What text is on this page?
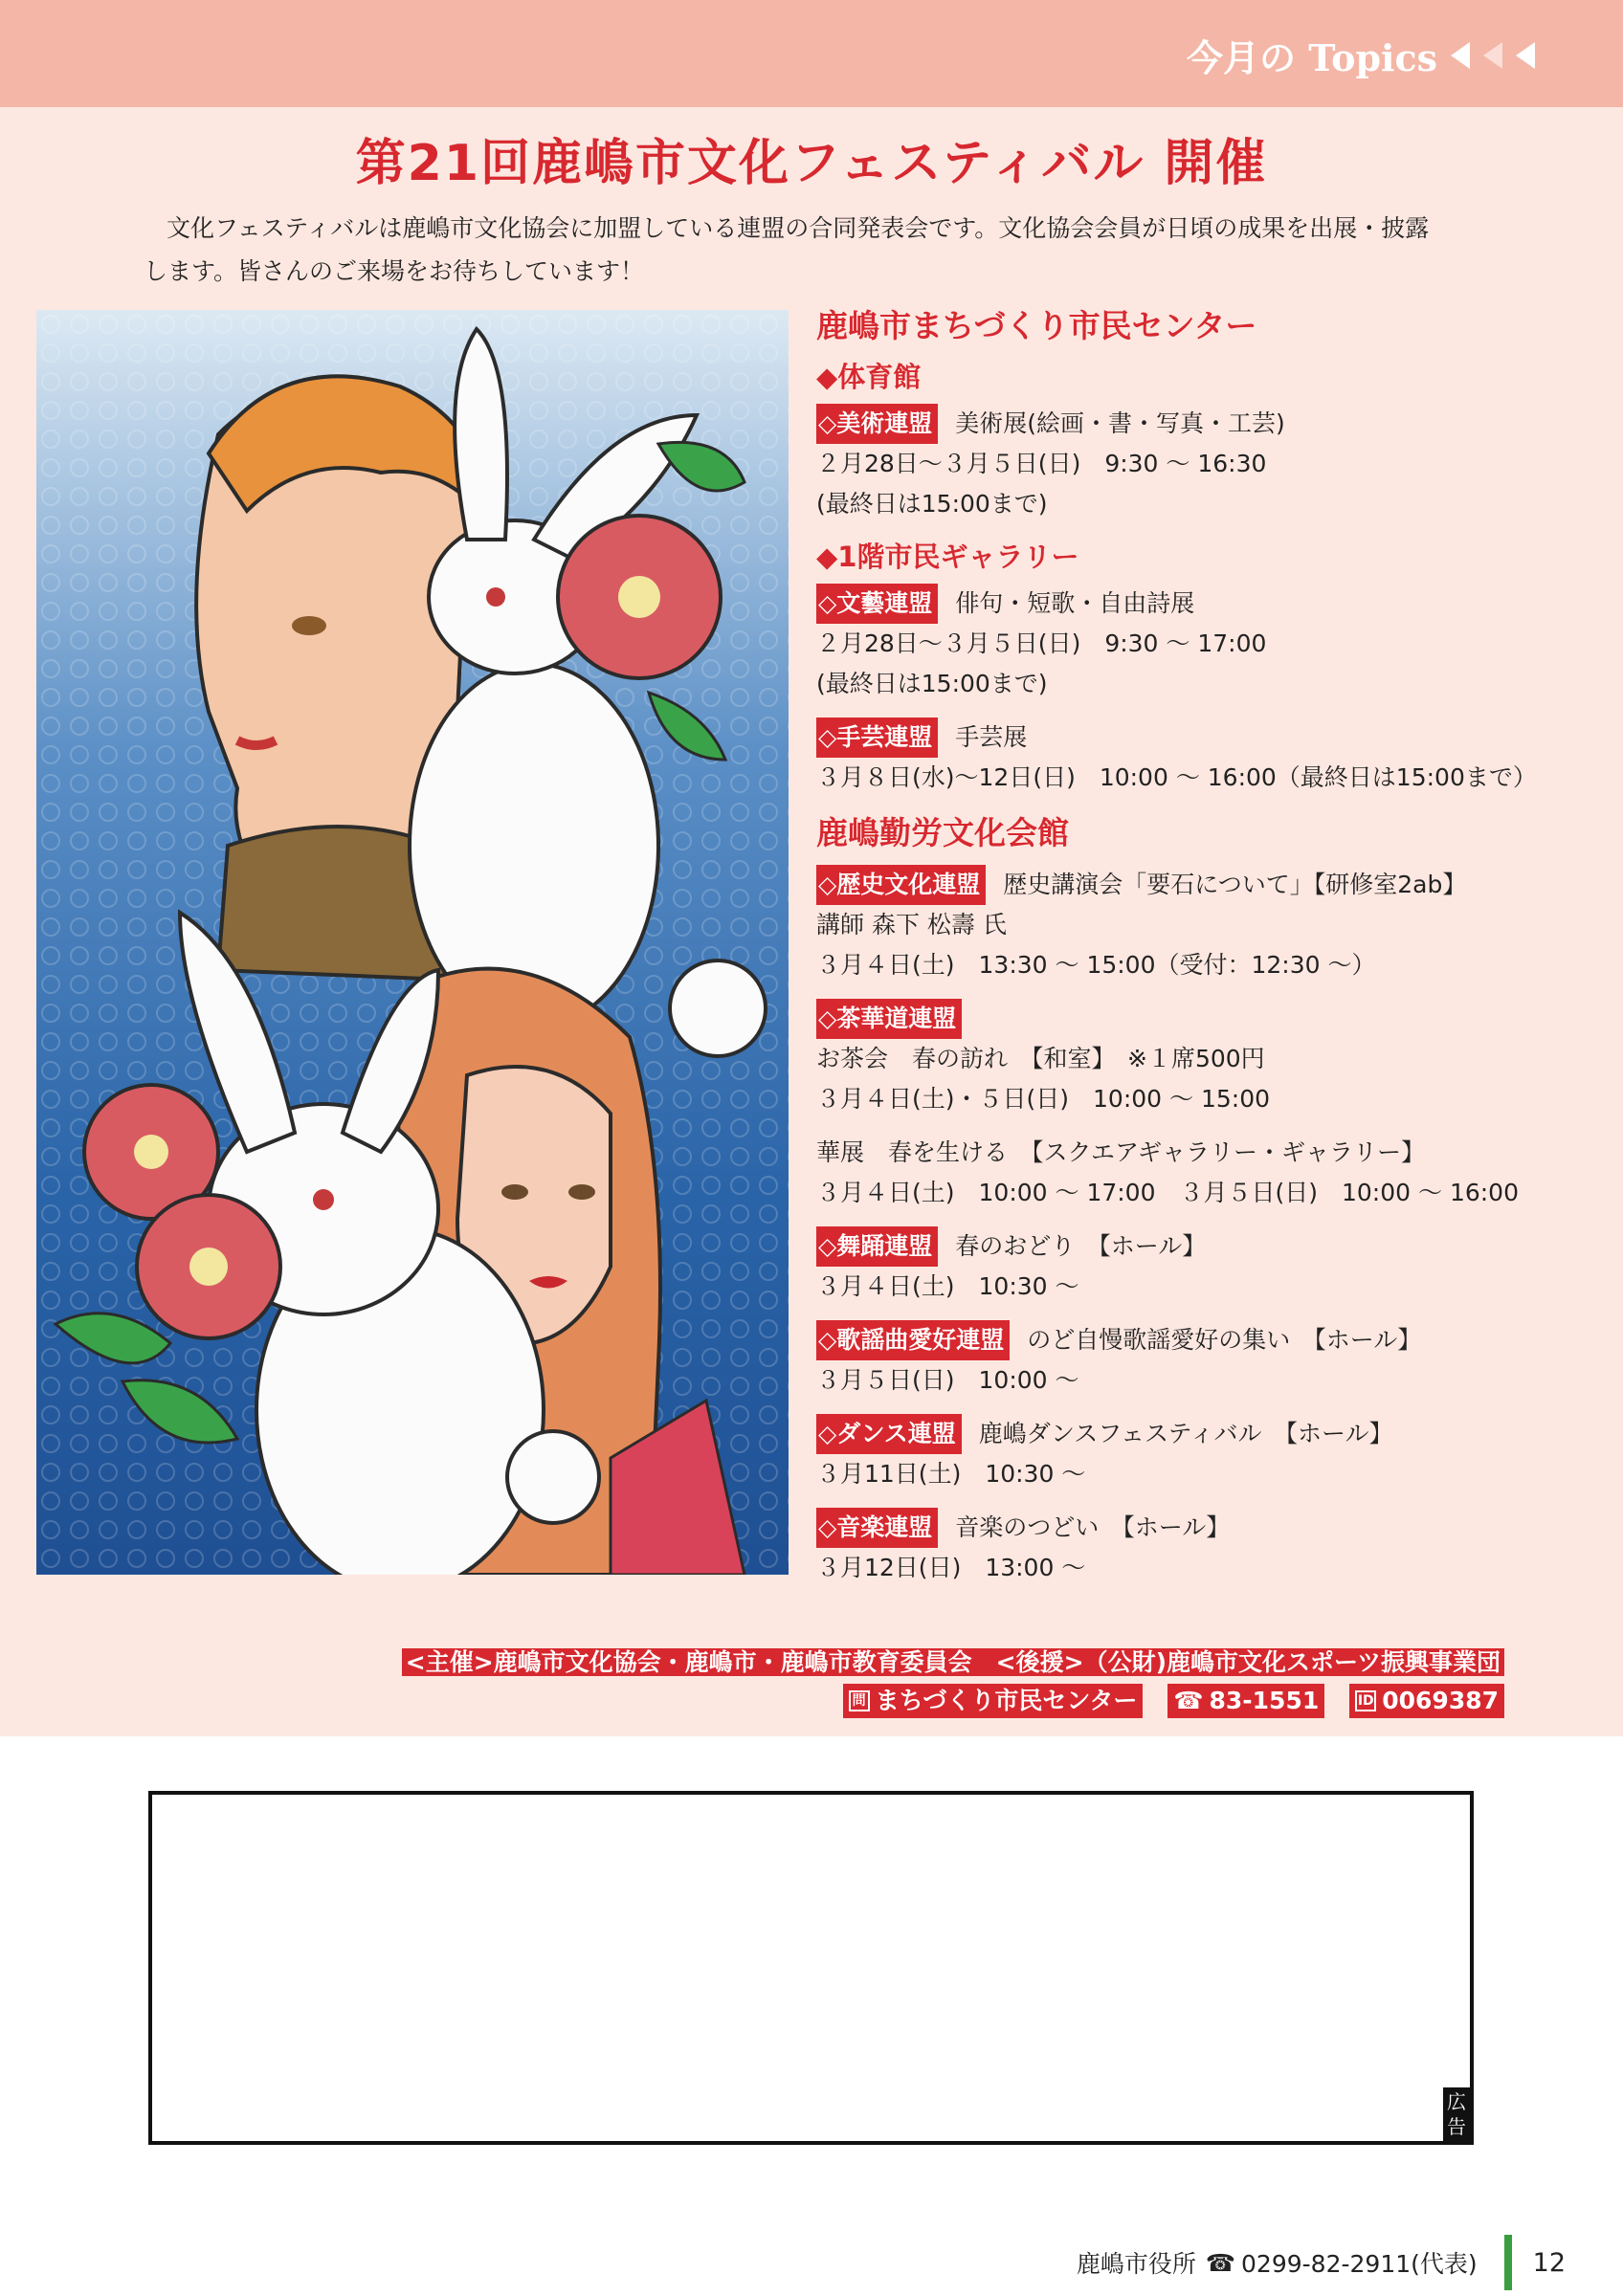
今月の Topics
第21回鹿嶋市文化フェスティバル 開催
文化フェスティバルは鹿嶋市文化協会に加盟している連盟の合同発表会です。文化協会会員が日頃の成果を出展・披露
します。皆さんのご来場をお待ちしています！
鹿嶋市まちづくり市民センター
◆体育館
◇美術連盟 美術展(絵画・書・写真・工芸)
２月28日～３月５日(日)　9:30 ～ 16:30
(最終日は15:00まで)
◆1階市民ギャラリー
◇文藝連盟 俳句・短歌・自由詩展
２月28日～３月５日(日)　9:30 ～ 17:00
(最終日は15:00まで)
◇手芸連盟 手芸展
３月８日(水)～12日(日)　10:00 ～ 16:00（最終日は15:00まで）
鹿嶋勤労文化会館
◇歴史文化連盟 歴史講演会「要石について」【研修室2ab】
講師 森下 松壽 氏
３月４日(土)　13:30 ～ 15:00（受付：12:30 ～）
◇茶華道連盟
お茶会　春の訪れ　【和室】　※１席500円
３月４日(土)・５日(日)　10:00 ～ 15:00
華展　春を生ける　【スクエアギャラリー・ギャラリー】
３月４日(土)　10:00 ～ 17:00　３月５日(日)　10:00 ～ 16:00
◇舞踊連盟 春のおどり　【ホール】
３月４日(土)　10:30 ～
◇歌謡曲愛好連盟 のど自慢歌謡愛好の集い　【ホール】
３月５日(日)　10:00 ～
◇ダンス連盟 鹿嶋ダンスフェスティバル　【ホール】
３月11日(土)　10:30 ～
◇音楽連盟 音楽のつどい　【ホール】
３月12日(日)　13:00 ～
<主催>鹿嶋市文化協会・鹿嶋市・鹿嶋市教育委員会　<後援>（公財)鹿嶋市文化スポーツ振興事業団
問 まちづくり市民センター ☎ 83-1551	ID 0069387
広告
鹿嶋市役所 ☎ 0299-82-2911(代表) 12
